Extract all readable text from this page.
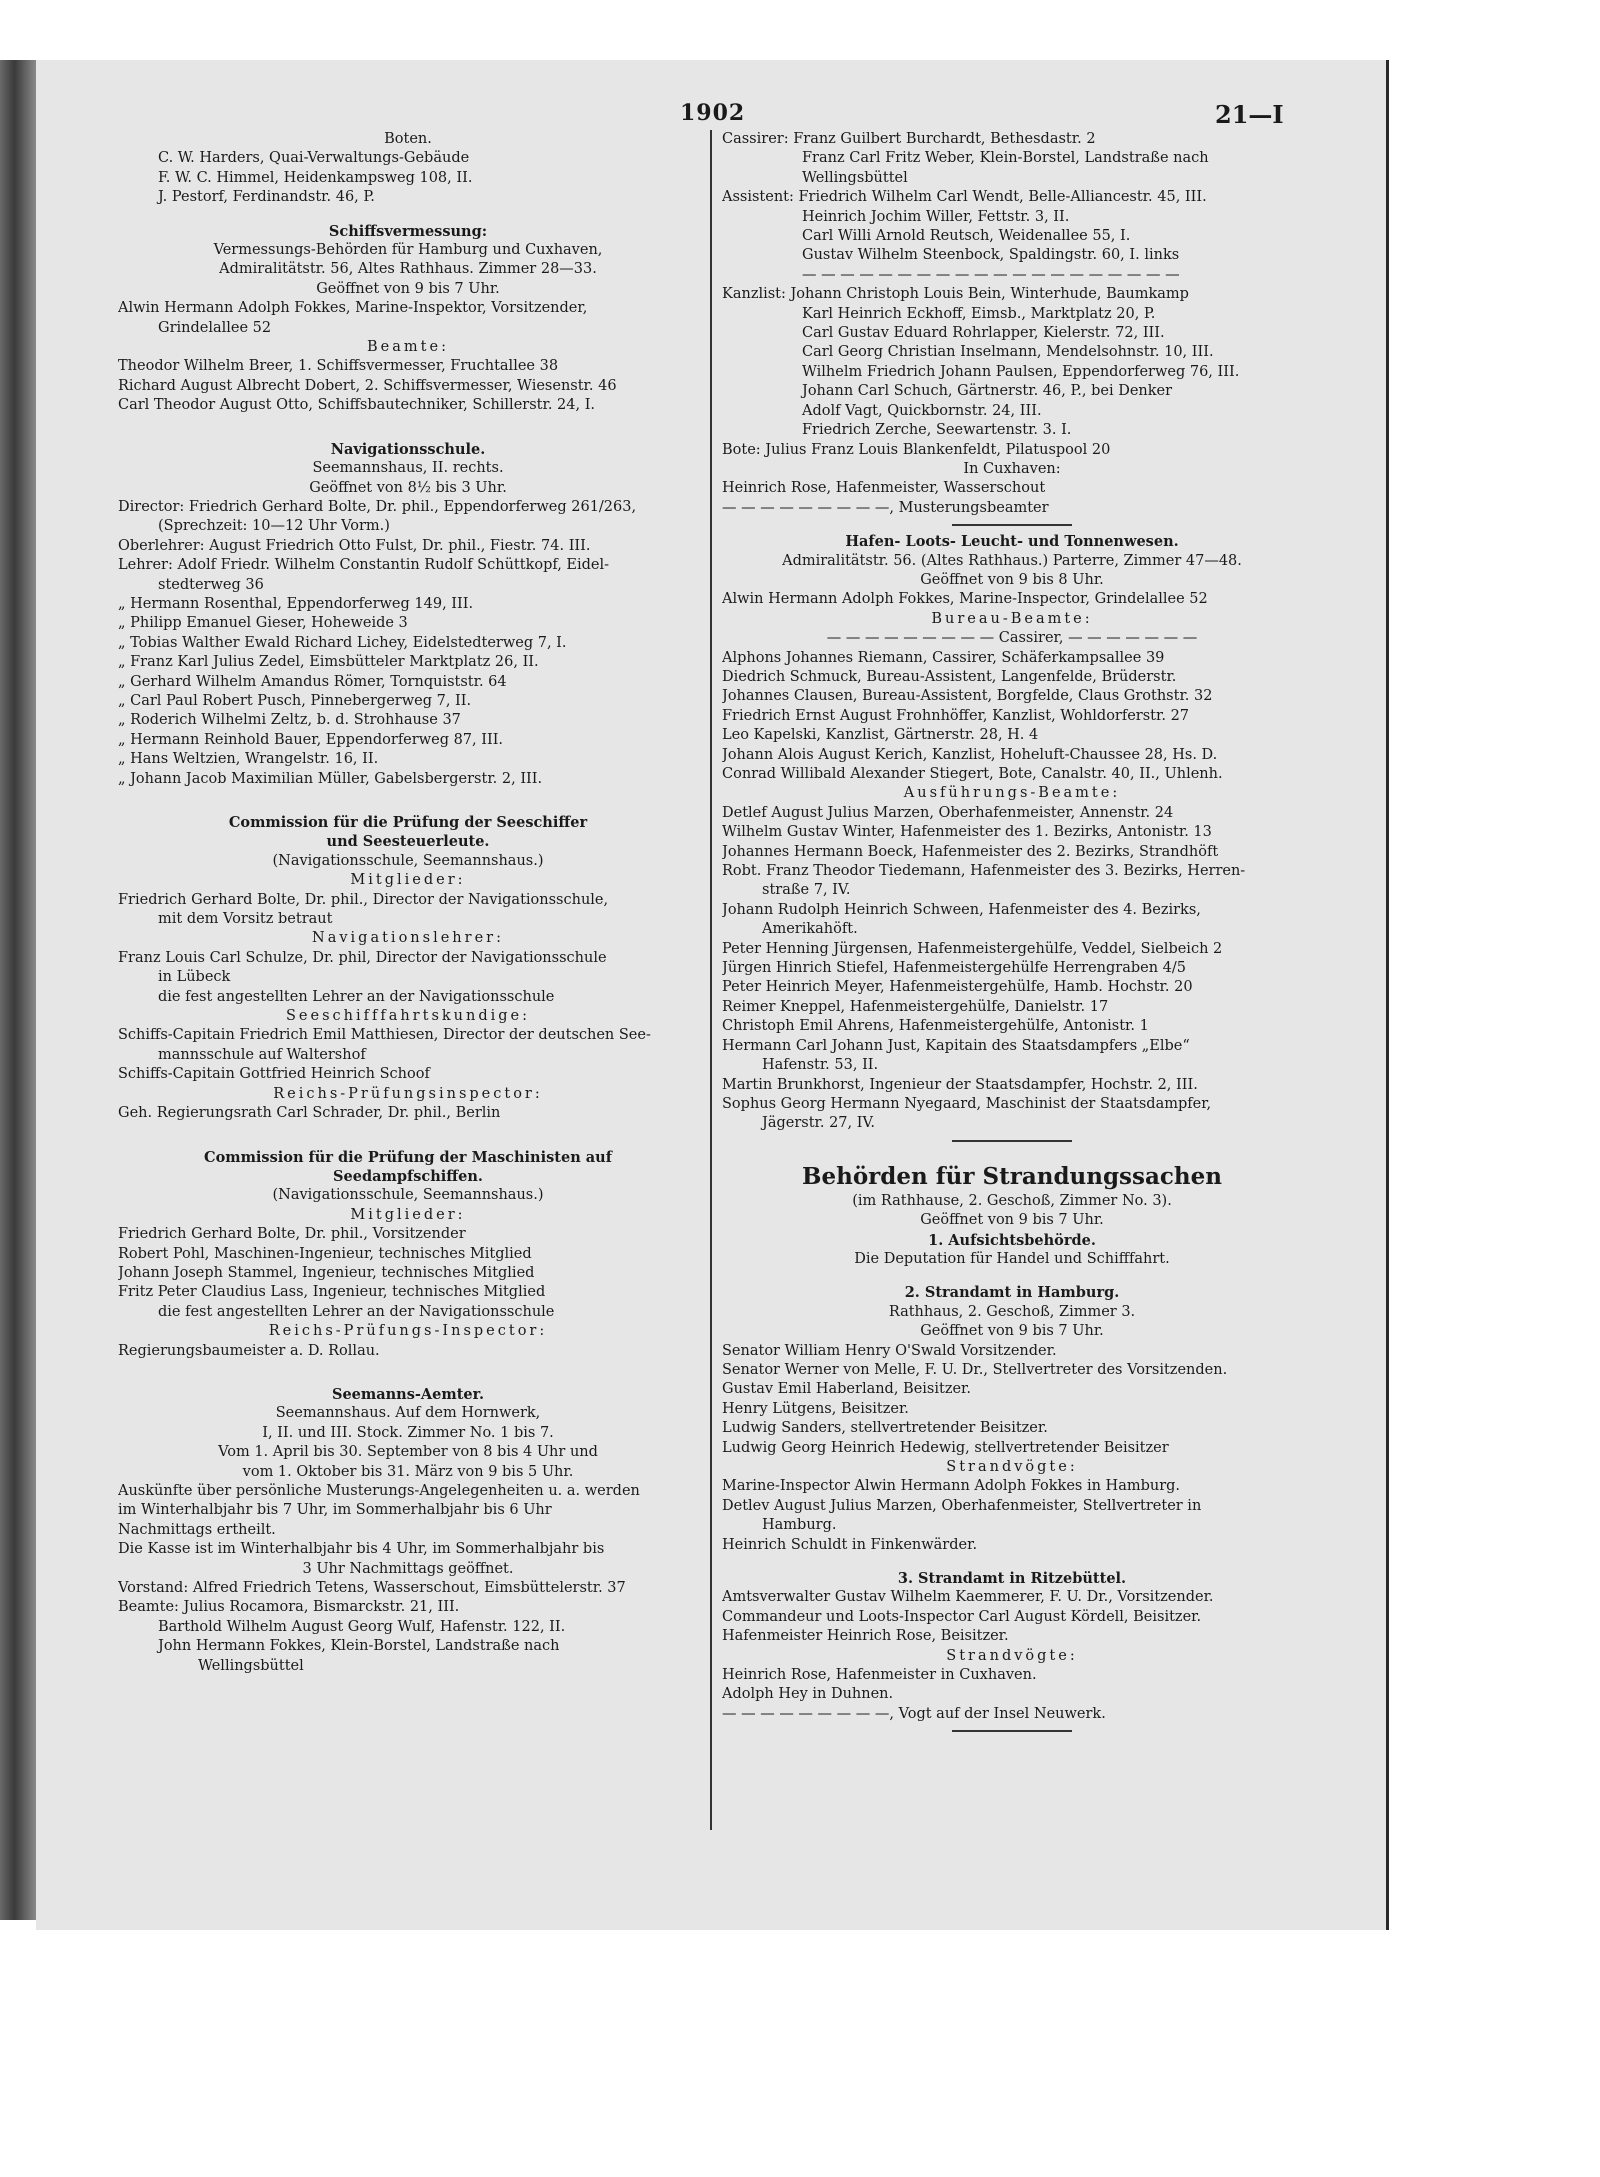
1902	21—I
Boten.
C. W. Harders, Quai-Verwaltungs-Gebäude
F. W. C. Himmel, Heidenkampsweg 108, II.
J. Pestorf, Ferdinandstr. 46, P.
Schiffsvermessung:
Vermessungs-Behörden für Hamburg und Cuxhaven,
Admiralitätstr. 56, Altes Rathhaus. Zimmer 28—33.
Geöffnet von 9 bis 7 Uhr.
Alwin Hermann Adolph Fokkes, Marine-Inspektor, Vorsitzender,
Grindelallee 52
Beamte:
Theodor Wilhelm Breer, 1. Schiffsvermesser, Fruchtallee 38
Richard August Albrecht Dobert, 2. Schiffsvermesser, Wiesenstr. 46
Carl Theodor August Otto, Schiffsbautechniker, Schillerstr. 24, I.
Navigationsschule.
Seemannshaus, II. rechts.
Geöffnet von 8½ bis 3 Uhr.
Director: Friedrich Gerhard Bolte, Dr. phil., Eppendorferweg 261/263,
(Sprechzeit: 10—12 Uhr Vorm.)
Oberlehrer: August Friedrich Otto Fulst, Dr. phil., Fiestr. 74. III.
Lehrer: Adolf Friedr. Wilhelm Constantin Rudolf Schüttkopf, Eidel-
stedterweg 36
„ Hermann Rosenthal, Eppendorferweg 149, III.
„ Philipp Emanuel Gieser, Hoheweide 3
„ Tobias Walther Ewald Richard Lichey, Eidelstedterweg 7, I.
„ Franz Karl Julius Zedel, Eimsbütteler Marktplatz 26, II.
„ Gerhard Wilhelm Amandus Römer, Tornquiststr. 64
„ Carl Paul Robert Pusch, Pinnebergerweg 7, II.
„ Roderich Wilhelmi Zeltz, b. d. Strohhause 37
„ Hermann Reinhold Bauer, Eppendorferweg 87, III.
„ Hans Weltzien, Wrangelstr. 16, II.
„ Johann Jacob Maximilian Müller, Gabelsbergerstr. 2, III.
Commission für die Prüfung der Seeschiffer
und Seesteuerleute.
(Navigationsschule, Seemannshaus.)
Mitglieder:
Friedrich Gerhard Bolte, Dr. phil., Director der Navigationsschule,
mit dem Vorsitz betraut
Navigationslehrer:
Franz Louis Carl Schulze, Dr. phil, Director der Navigationsschule
in Lübeck
die fest angestellten Lehrer an der Navigationsschule
Seeschifffahrtskundige:
Schiffs-Capitain Friedrich Emil Matthiesen, Director der deutschen See-
mannsschule auf Waltershof
Schiffs-Capitain Gottfried Heinrich Schoof
Reichs-Prüfungsinspector:
Geh. Regierungsrath Carl Schrader, Dr. phil., Berlin
Commission für die Prüfung der Maschinisten auf
Seedampfschiffen.
(Navigationsschule, Seemannshaus.)
Mitglieder:
Friedrich Gerhard Bolte, Dr. phil., Vorsitzender
Robert Pohl, Maschinen-Ingenieur, technisches Mitglied
Johann Joseph Stammel, Ingenieur, technisches Mitglied
Fritz Peter Claudius Lass, Ingenieur, technisches Mitglied
die fest angestellten Lehrer an der Navigationsschule
Reichs-Prüfungs-Inspector:
Regierungsbaumeister a. D. Rollau.
Seemanns-Aemter.
Seemannshaus. Auf dem Hornwerk,
I, II. und III. Stock. Zimmer No. 1 bis 7.
Vom 1. April bis 30. September von 8 bis 4 Uhr und
vom 1. Oktober bis 31. März von 9 bis 5 Uhr.
Auskünfte über persönliche Musterungs-Angelegenheiten u. a. werden
im Winterhalbjahr bis 7 Uhr, im Sommerhalbjahr bis 6 Uhr
Nachmittags ertheilt.
Die Kasse ist im Winterhalbjahr bis 4 Uhr, im Sommerhalbjahr bis
3 Uhr Nachmittags geöffnet.
Vorstand: Alfred Friedrich Tetens, Wasserschout, Eimsbüttelerstr. 37
Beamte: Julius Rocamora, Bismarckstr. 21, III.
Barthold Wilhelm August Georg Wulf, Hafenstr. 122, II.
John Hermann Fokkes, Klein-Borstel, Landstraße nach
Wellingsbüttel
Cassirer: Franz Guilbert Burchardt, Bethesdastr. 2
Franz Carl Fritz Weber, Klein-Borstel, Landstraße nach
Wellingsbüttel
Assistent: Friedrich Wilhelm Carl Wendt, Belle-Alliancestr. 45, III.
Heinrich Jochim Willer, Fettstr. 3, II.
Carl Willi Arnold Reutsch, Weidenallee 55, I.
Gustav Wilhelm Steenbock, Spaldingstr. 60, I. links
— — — — — — — — — — — — — — — — — — — —
Kanzlist: Johann Christoph Louis Bein, Winterhude, Baumkamp
Karl Heinrich Eckhoff, Eimsb., Marktplatz 20, P.
Carl Gustav Eduard Rohrlapper, Kielerstr. 72, III.
Carl Georg Christian Inselmann, Mendelsohnstr. 10, III.
Wilhelm Friedrich Johann Paulsen, Eppendorferweg 76, III.
Johann Carl Schuch, Gärtnerstr. 46, P., bei Denker
Adolf Vagt, Quickbornstr. 24, III.
Friedrich Zerche, Seewartenstr. 3. I.
Bote: Julius Franz Louis Blankenfeldt, Pilatuspool 20
In Cuxhaven:
Heinrich Rose, Hafenmeister, Wasserschout
— — — — — — — — —, Musterungsbeamter
Hafen- Loots- Leucht- und Tonnenwesen.
Admiralitätstr. 56. (Altes Rathhaus.) Parterre, Zimmer 47—48.
Geöffnet von 9 bis 8 Uhr.
Alwin Hermann Adolph Fokkes, Marine-Inspector, Grindelallee 52
Bureau-Beamte:
— — — — — — — — — Cassirer, — — — — — — —
Alphons Johannes Riemann, Cassirer, Schäferkampsallee 39
Diedrich Schmuck, Bureau-Assistent, Langenfelde, Brüderstr.
Johannes Clausen, Bureau-Assistent, Borgfelde, Claus Grothstr. 32
Friedrich Ernst August Frohnhöffer, Kanzlist, Wohldorferstr. 27
Leo Kapelski, Kanzlist, Gärtnerstr. 28, H. 4
Johann Alois August Kerich, Kanzlist, Hoheluft-Chaussee 28, Hs. D.
Conrad Willibald Alexander Stiegert, Bote, Canalstr. 40, II., Uhlenh.
Ausführungs-Beamte:
Detlef August Julius Marzen, Oberhafenmeister, Annenstr. 24
Wilhelm Gustav Winter, Hafenmeister des 1. Bezirks, Antonistr. 13
Johannes Hermann Boeck, Hafenmeister des 2. Bezirks, Strandhöft
Robt. Franz Theodor Tiedemann, Hafenmeister des 3. Bezirks, Herren-
straße 7, IV.
Johann Rudolph Heinrich Schween, Hafenmeister des 4. Bezirks,
Amerikahöft.
Peter Henning Jürgensen, Hafenmeistergehülfe, Veddel, Sielbeich 2
Jürgen Hinrich Stiefel, Hafenmeistergehülfe Herrengraben 4/5
Peter Heinrich Meyer, Hafenmeistergehülfe, Hamb. Hochstr. 20
Reimer Kneppel, Hafenmeistergehülfe, Danielstr. 17
Christoph Emil Ahrens, Hafenmeistergehülfe, Antonistr. 1
Hermann Carl Johann Just, Kapitain des Staatsdampfers „Elbe“
Hafenstr. 53, II.
Martin Brunkhorst, Ingenieur der Staatsdampfer, Hochstr. 2, III.
Sophus Georg Hermann Nyegaard, Maschinist der Staatsdampfer,
Jägerstr. 27, IV.
Behörden für Strandungssachen
(im Rathhause, 2. Geschoß, Zimmer No. 3).
Geöffnet von 9 bis 7 Uhr.
1. Aufsichtsbehörde.
Die Deputation für Handel und Schifffahrt.
2. Strandamt in Hamburg.
Rathhaus, 2. Geschoß, Zimmer 3.
Geöffnet von 9 bis 7 Uhr.
Senator William Henry O'Swald Vorsitzender.
Senator Werner von Melle, F. U. Dr., Stellvertreter des Vorsitzenden.
Gustav Emil Haberland, Beisitzer.
Henry Lütgens, Beisitzer.
Ludwig Sanders, stellvertretender Beisitzer.
Ludwig Georg Heinrich Hedewig, stellvertretender Beisitzer
Strandvögte:
Marine-Inspector Alwin Hermann Adolph Fokkes in Hamburg.
Detlev August Julius Marzen, Oberhafenmeister, Stellvertreter in
Hamburg.
Heinrich Schuldt in Finkenwärder.
3. Strandamt in Ritzebüttel.
Amtsverwalter Gustav Wilhelm Kaemmerer, F. U. Dr., Vorsitzender.
Commandeur und Loots-Inspector Carl August Kördell, Beisitzer.
Hafenmeister Heinrich Rose, Beisitzer.
Strandvögte:
Heinrich Rose, Hafenmeister in Cuxhaven.
Adolph Hey in Duhnen.
— — — — — — — — —, Vogt auf der Insel Neuwerk.
